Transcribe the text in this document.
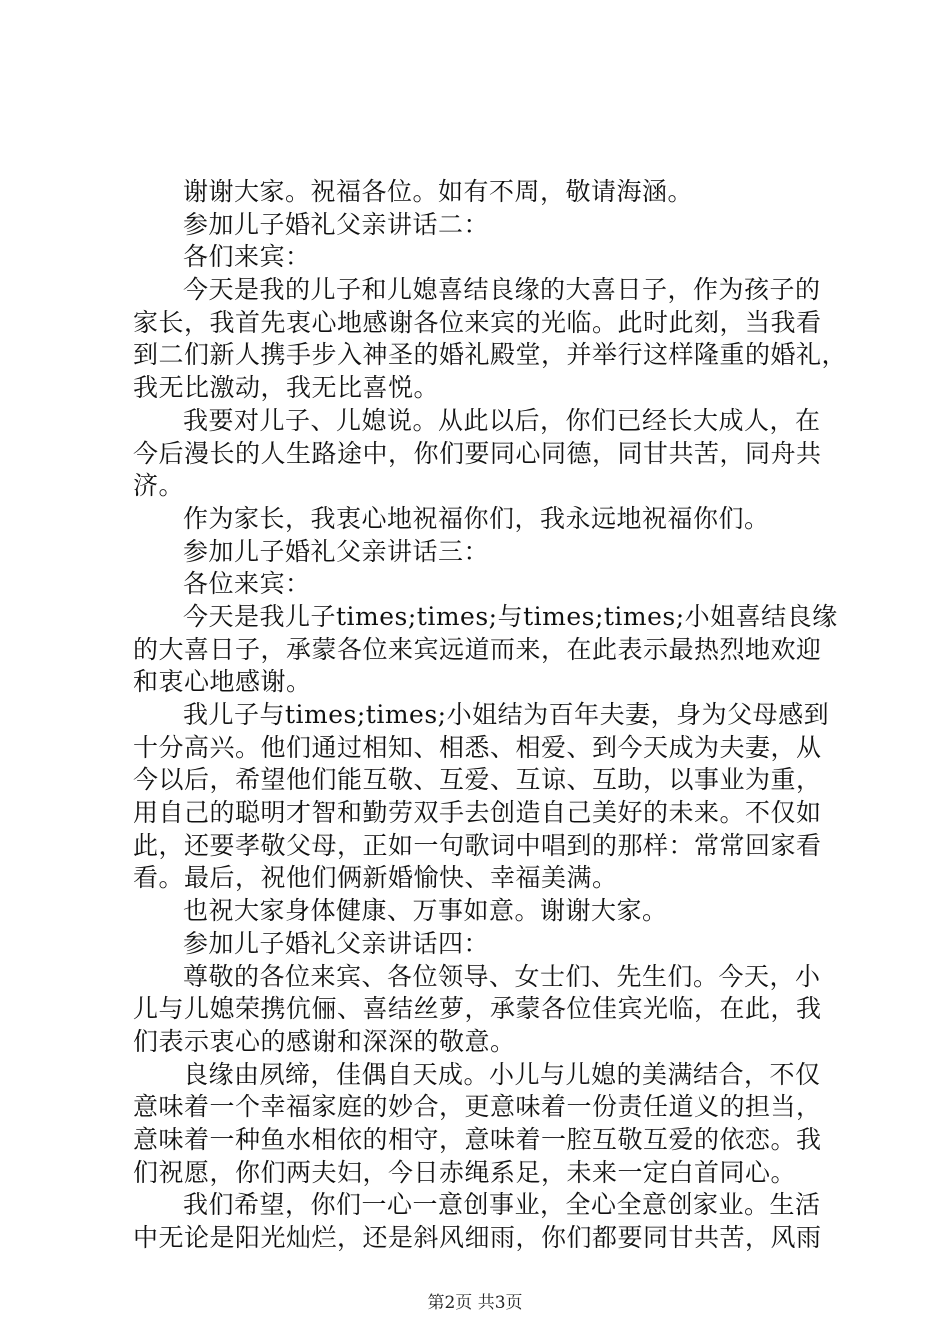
谢谢大家。祝福各位。如有不周，敬请海涵。
参加儿子婚礼父亲讲话二：
各们来宾：
今天是我的儿子和儿媳喜结良缘的大喜日子，作为孩子的
家长，我首先衷心地感谢各位来宾的光临。此时此刻，当我看
到二们新人携手步入神圣的婚礼殿堂，并举行这样隆重的婚礼，
我无比激动，我无比喜悦。
我要对儿子、儿媳说。从此以后，你们已经长大成人，在
今后漫长的人生路途中，你们要同心同德，同甘共苦，同舟共
济。
作为家长，我衷心地祝福你们，我永远地祝福你们。
参加儿子婚礼父亲讲话三：
各位来宾：
今天是我儿子times;times;与times;times;小姐喜结良缘
的大喜日子，承蒙各位来宾远道而来，在此表示最热烈地欢迎
和衷心地感谢。
我儿子与times;times;小姐结为百年夫妻，身为父母感到
十分高兴。他们通过相知、相悉、相爱、到今天成为夫妻，从
今以后，希望他们能互敬、互爱、互谅、互助，以事业为重，
用自己的聪明才智和勤劳双手去创造自己美好的未来。不仅如
此，还要孝敬父母，正如一句歌词中唱到的那样：常常回家看
看。最后，祝他们俩新婚愉快、幸福美满。
也祝大家身体健康、万事如意。谢谢大家。
参加儿子婚礼父亲讲话四：
尊敬的各位来宾、各位领导、女士们、先生们。今天，小
儿与儿媳荣携伉俪、喜结丝萝，承蒙各位佳宾光临，在此，我
们表示衷心的感谢和深深的敬意。
良缘由夙缔，佳偶自天成。小儿与儿媳的美满结合，不仅
意味着一个幸福家庭的妙合，更意味着一份责任道义的担当，
意味着一种鱼水相依的相守，意味着一腔互敬互爱的依恋。我
们祝愿，你们两夫妇，今日赤绳系足，未来一定白首同心。
我们希望，你们一心一意创事业，全心全意创家业。生活
中无论是阳光灿烂，还是斜风细雨，你们都要同甘共苦，风雨
第2页 共3页
